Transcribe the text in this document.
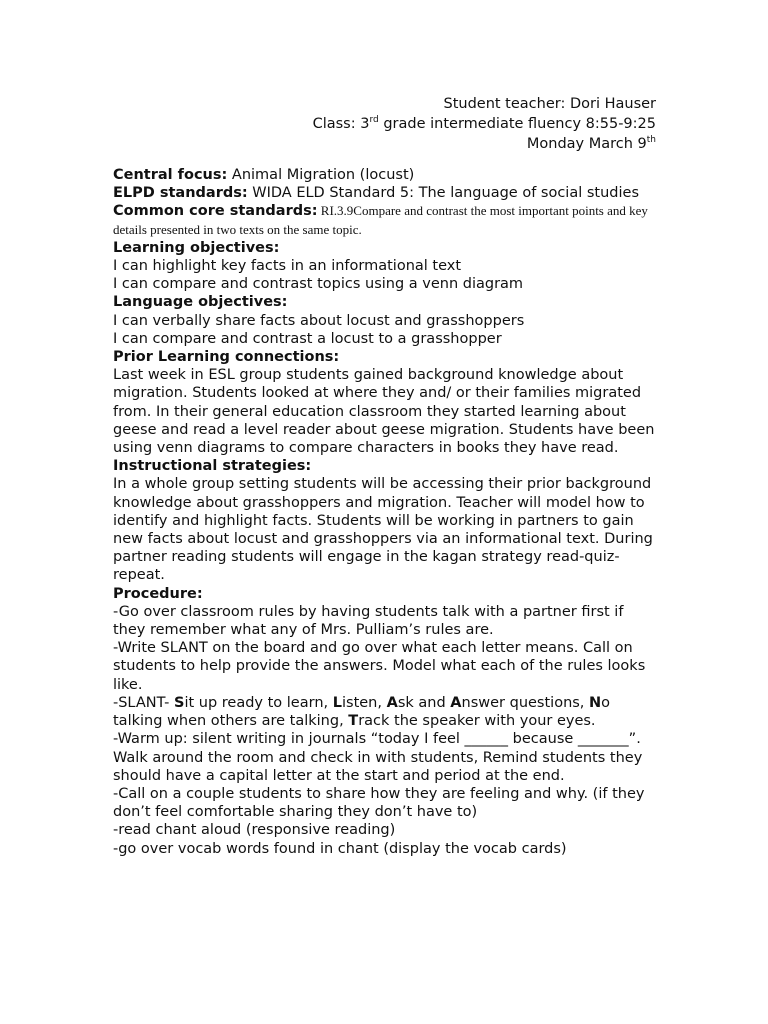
Student teacher: Dori Hauser
Class: 3rd grade intermediate fluency 8:55-9:25
Monday March 9th

Central focus: Animal Migration (locust)

ELPD standards: WIDA ELD Standard 5: The language of social studies

Common core standards: RI.3.9Compare and contrast the most important points and key details presented in two texts on the same topic.

Learning objectives:

I can highlight key facts in an informational text

I can compare and contrast topics using a venn diagram

Language objectives:

I can verbally share facts about locust and grasshoppers

I can compare and contrast a locust to a grasshopper

Prior Learning connections:

Last week in ESL group students gained background knowledge about migration. Students looked at where they and/ or their families migrated from. In their general education classroom they started learning about geese and read a level reader about geese migration. Students have been using venn diagrams to compare characters in books they have read.

Instructional strategies:

In a whole group setting students will be accessing their prior background knowledge about grasshoppers and migration. Teacher will model how to identify and highlight facts. Students will be working in partners to gain new facts about locust and grasshoppers via an informational text. During partner reading students will engage in the kagan strategy read-quiz-repeat.

Procedure:

-Go over classroom rules by having students talk with a partner first if they remember what any of Mrs. Pulliam’s rules are.

-Write SLANT on the board and go over what each letter means. Call on students to help provide the answers. Model what each of the rules looks like.

-SLANT- Sit up ready to learn, Listen, Ask and Answer questions, No talking when others are talking, Track the speaker with your eyes.

-Warm up: silent writing in journals “today I feel ______ because _______”. Walk around the room and check in with students, Remind students they should have a capital letter at the start and period at the end.

-Call on a couple students to share how they are feeling and why. (if they don’t feel comfortable sharing they don’t have to)

-read chant aloud (responsive reading)

-go over vocab words found in chant (display the vocab cards)
